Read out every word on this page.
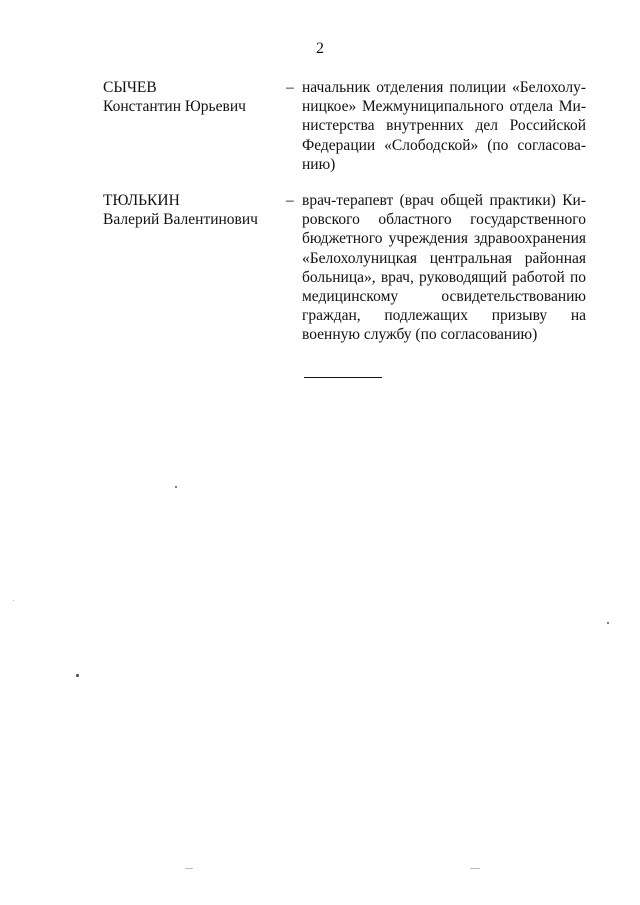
2
СЫЧЕВ
Константин Юрьевич
– начальник отделения полиции «Белохолуницкое» Межмуниципального отдела Министерства внутренних дел Российской Федерации «Слободской» (по согласованию)
ТЮЛЬКИН
Валерий Валентинович
– врач-терапевт (врач общей практики) Кировского областного государственного бюджетного учреждения здравоохранения «Белохолуницкая центральная районная больница», врач, руководящий работой по медицинскому освидетельствованию граждан, подлежащих призыву на военную службу (по согласованию)
